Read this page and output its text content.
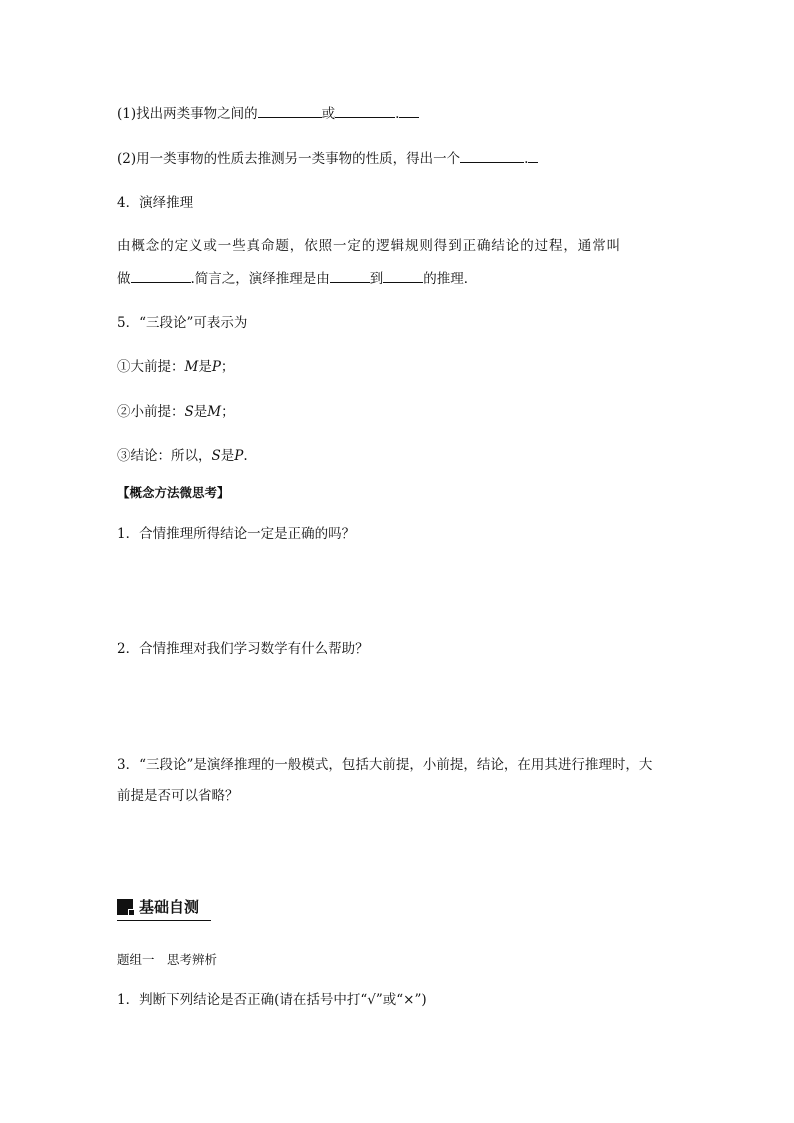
(1)找出两类事物之间的	或	.
(2)用一类事物的性质去推测另一类事物的性质，得出一个	.
4．演绎推理
由概念的定义或一些真命题，依照一定的逻辑规则得到正确结论的过程，通常叫
做	.简言之，演绎推理是由	到	的推理．
5．“三段论”可表示为
①大前提：M是P；
②小前提：S是M；
③结论：所以，S是P.
【概念方法微思考】
1．合情推理所得结论一定是正确的吗？
2．合情推理对我们学习数学有什么帮助？
3．“三段论”是演绎推理的一般模式，包括大前提，小前提，结论，在用其进行推理时，大
前提是否可以省略？
基础自测
题组一　思考辨析
1．判断下列结论是否正确(请在括号中打“√”或“×”)
